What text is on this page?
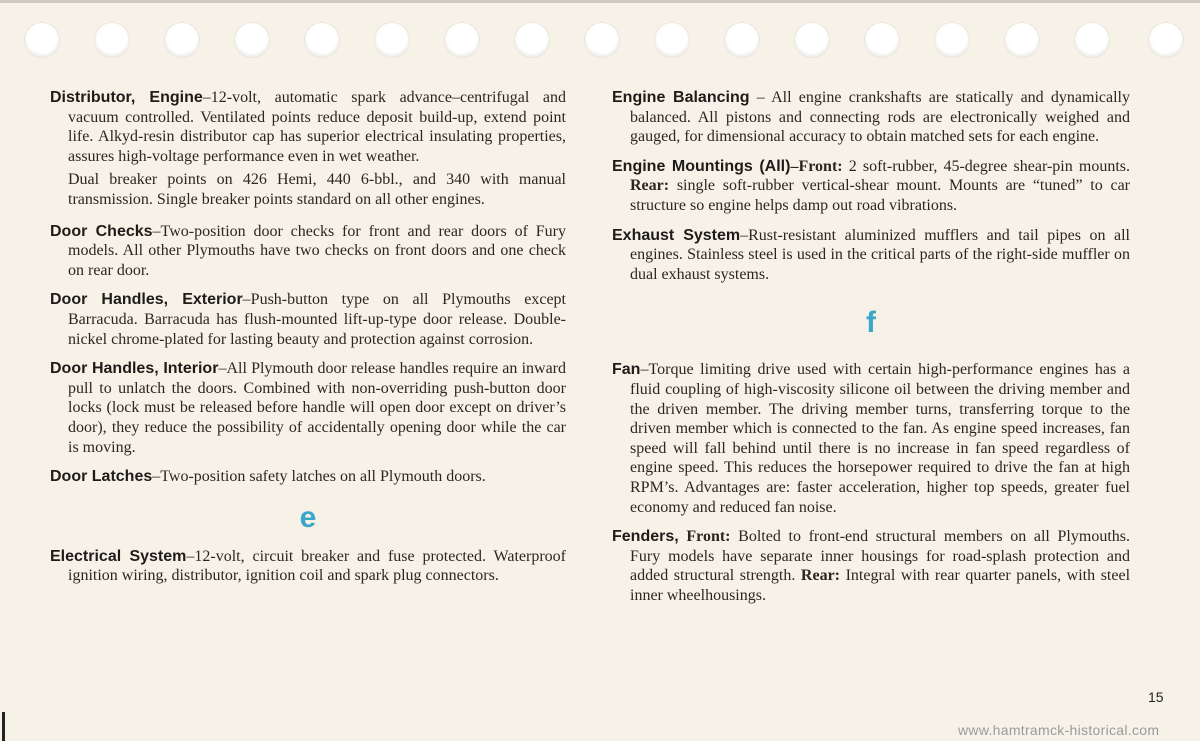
Distributor, Engine–12-volt, automatic spark advance–centrifugal and vacuum controlled. Ventilated points reduce deposit build-up, extend point life. Alkyd-resin distributor cap has superior electrical insulating properties, assures high-voltage performance even in wet weather.

Dual breaker points on 426 Hemi, 440 6-bbl., and 340 with manual transmission. Single breaker points standard on all other engines.

Door Checks–Two-position door checks for front and rear doors of Fury models. All other Plymouths have two checks on front doors and one check on rear door.

Door Handles, Exterior–Push-button type on all Plymouths except Barracuda. Barracuda has flush-mounted lift-up-type door release. Double-nickel chrome-plated for lasting beauty and protection against corrosion.

Door Handles, Interior–All Plymouth door release handles require an inward pull to unlatch the doors. Combined with non-overriding push-button door locks (lock must be released before handle will open door except on driver’s door), they reduce the possibility of accidentally opening door while the car is moving.

Door Latches–Two-position safety latches on all Plymouth doors.

e

Electrical System–12-volt, circuit breaker and fuse protected. Waterproof ignition wiring, distributor, ignition coil and spark plug connectors.

Engine Balancing – All engine crankshafts are statically and dynamically balanced. All pistons and connecting rods are electronically weighed and gauged, for dimensional accuracy to obtain matched sets for each engine.

Engine Mountings (All)–Front: 2 soft-rubber, 45-degree shear-pin mounts. Rear: single soft-rubber vertical-shear mount. Mounts are “tuned” to car structure so engine helps damp out road vibrations.

Exhaust System–Rust-resistant aluminized mufflers and tail pipes on all engines. Stainless steel is used in the critical parts of the right-side muffler on dual exhaust systems.

f

Fan–Torque limiting drive used with certain high-performance engines has a fluid coupling of high-viscosity silicone oil between the driving member and the driven member. The driving member turns, transferring torque to the driven member which is connected to the fan. As engine speed increases, fan speed will fall behind until there is no increase in fan speed regardless of engine speed. This reduces the horsepower required to drive the fan at high RPM’s. Advantages are: faster acceleration, higher top speeds, greater fuel economy and reduced fan noise.

Fenders, Front: Bolted to front-end structural members on all Plymouths. Fury models have separate inner housings for road-splash protection and added structural strength. Rear: Integral with rear quarter panels, with steel inner wheelhousings.

15
www.hamtramck-historical.com
